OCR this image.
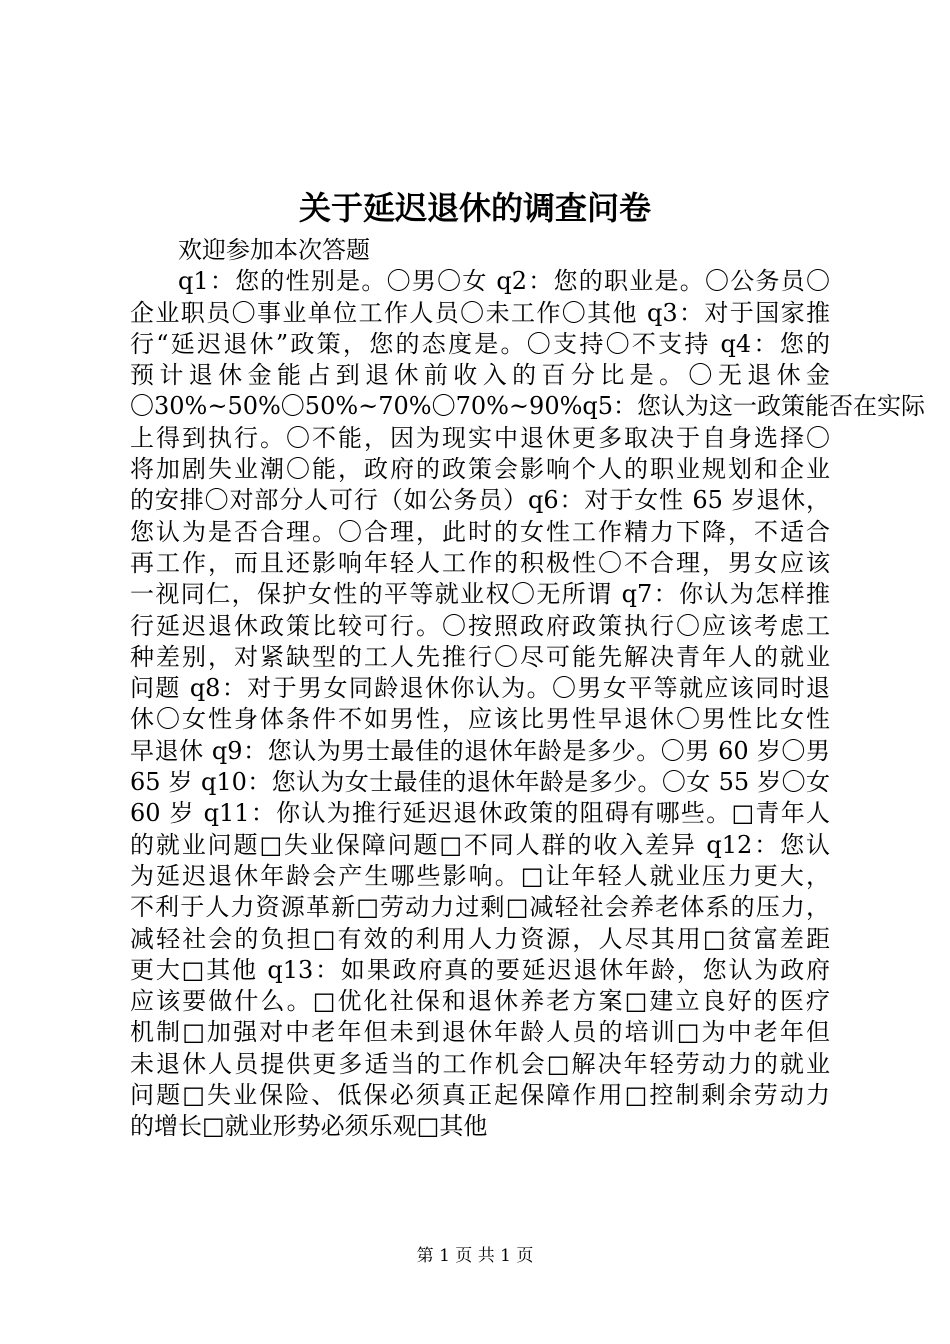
关于延迟退休的调查问卷
欢迎参加本次答题
q1：您的性别是。〇男〇女 q2：您的职业是。〇公务员〇
企业职员〇事业单位工作人员〇未工作〇其他 q3：对于国家推
行“延迟退休”政策，您的态度是。〇支持〇不支持 q4：您的
预计退休金能占到退休前收入的百分比是。〇无退休金
〇30%~50%〇50%~70%〇70%~90%q5：您认为这一政策能否在实际
上得到执行。〇不能，因为现实中退休更多取决于自身选择〇
将加剧失业潮〇能，政府的政策会影响个人的职业规划和企业
的安排〇对部分人可行（如公务员）q6：对于女性 65 岁退休，
您认为是否合理。〇合理，此时的女性工作精力下降，不适合
再工作，而且还影响年轻人工作的积极性〇不合理，男女应该
一视同仁，保护女性的平等就业权〇无所谓 q7：你认为怎样推
行延迟退休政策比较可行。〇按照政府政策执行〇应该考虑工
种差别，对紧缺型的工人先推行〇尽可能先解决青年人的就业
问题 q8：对于男女同龄退休你认为。〇男女平等就应该同时退
休〇女性身体条件不如男性，应该比男性早退休〇男性比女性
早退休 q9：您认为男士最佳的退休年龄是多少。〇男 60 岁〇男
65 岁 q10：您认为女士最佳的退休年龄是多少。〇女 55 岁〇女
60 岁 q11：你认为推行延迟退休政策的阻碍有哪些。□青年人
的就业问题□失业保障问题□不同人群的收入差异 q12：您认
为延迟退休年龄会产生哪些影响。□让年轻人就业压力更大，
不利于人力资源革新□劳动力过剩□减轻社会养老体系的压力，
减轻社会的负担□有效的利用人力资源，人尽其用□贫富差距
更大□其他 q13：如果政府真的要延迟退休年龄，您认为政府
应该要做什么。□优化社保和退休养老方案□建立良好的医疗
机制□加强对中老年但未到退休年龄人员的培训□为中老年但
未退休人员提供更多适当的工作机会□解决年轻劳动力的就业
问题□失业保险、低保必须真正起保障作用□控制剩余劳动力
的增长□就业形势必须乐观□其他
第 1 页 共 1 页
